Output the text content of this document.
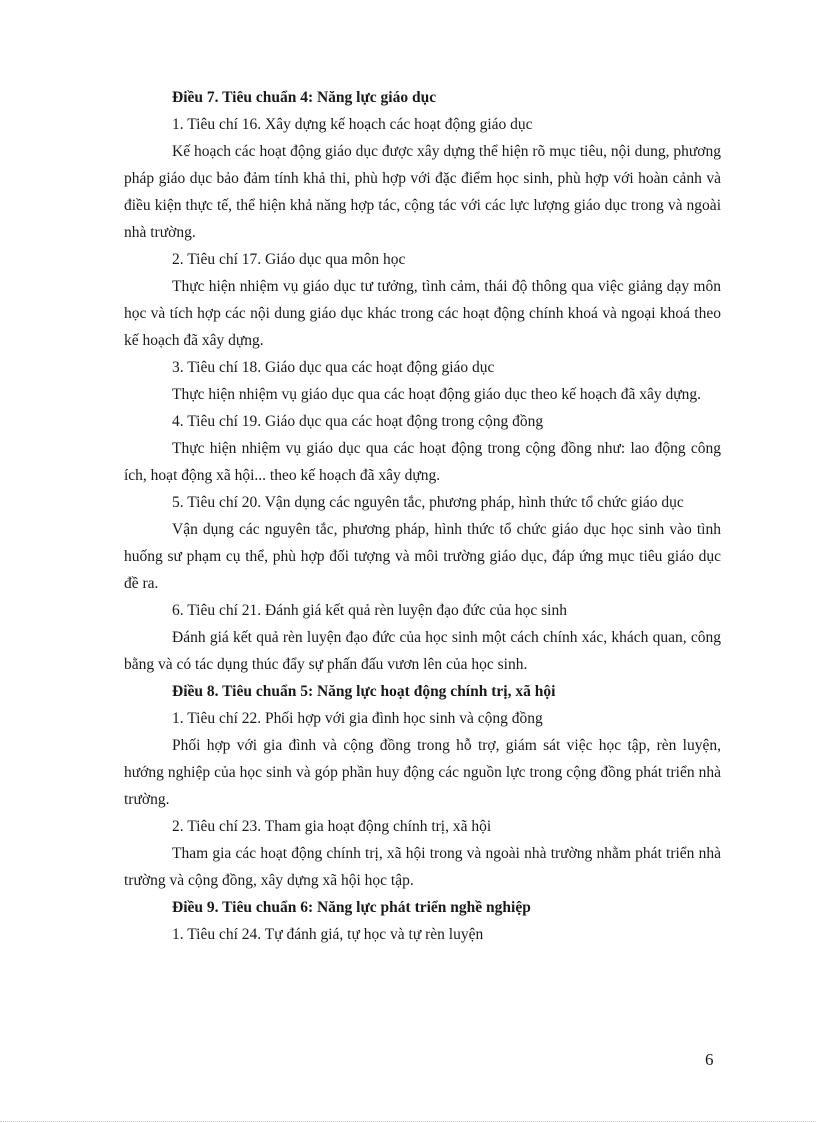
Điều 7. Tiêu chuẩn 4: Năng lực giáo dục

1. Tiêu chí 16. Xây dựng kế hoạch các hoạt động giáo dục

Kế hoạch các hoạt động giáo dục được xây dựng thể hiện rõ mục tiêu, nội dung, phương pháp giáo dục bảo đảm tính khả thi, phù hợp với đặc điểm học sinh, phù hợp với hoàn cảnh và điều kiện thực tế, thể hiện khả năng hợp tác, cộng tác với các lực lượng giáo dục trong và ngoài nhà trường.

2. Tiêu chí 17. Giáo dục qua môn học

Thực hiện nhiệm vụ giáo dục tư tưởng, tình cảm, thái độ thông qua việc giảng dạy môn học và tích hợp các nội dung giáo dục khác trong các hoạt động chính khoá và ngoại khoá theo kế hoạch đã xây dựng.

3. Tiêu chí 18. Giáo dục qua các hoạt động giáo dục

Thực hiện nhiệm vụ giáo dục qua các hoạt động giáo dục theo kế hoạch đã xây dựng.

4. Tiêu chí 19. Giáo dục qua các hoạt động trong cộng đồng

Thực hiện nhiệm vụ giáo dục qua các hoạt động trong cộng đồng như: lao động công ích, hoạt động xã hội... theo kế hoạch đã xây dựng.

5. Tiêu chí 20. Vận dụng các nguyên tắc, phương pháp, hình thức tổ chức giáo dục

Vận dụng các nguyên tắc, phương pháp, hình thức tổ chức giáo dục học sinh vào tình huống sư phạm cụ thể, phù hợp đối tượng và môi trường giáo dục, đáp ứng mục tiêu giáo dục đề ra.

6. Tiêu chí 21. Đánh giá kết quả rèn luyện đạo đức của học sinh

Đánh giá kết quả rèn luyện đạo đức của học sinh một cách chính xác, khách quan, công bằng và có tác dụng thúc đẩy sự phấn đấu vươn lên của học sinh.

Điều 8. Tiêu chuẩn 5: Năng lực hoạt động chính trị, xã hội

1. Tiêu chí 22. Phối hợp với gia đình học sinh và cộng đồng

Phối hợp với gia đình và cộng đồng trong hỗ trợ, giám sát việc học tập, rèn luyện, hướng nghiệp của học sinh và góp phần huy động các nguồn lực trong cộng đồng phát triển nhà trường.

2. Tiêu chí 23. Tham gia hoạt động chính trị, xã hội

Tham gia các hoạt động chính trị, xã hội trong và ngoài nhà trường nhằm phát triển nhà trường và cộng đồng, xây dựng xã hội học tập.

Điều 9. Tiêu chuẩn 6: Năng lực phát triển nghề nghiệp

1. Tiêu chí 24. Tự đánh giá, tự học và tự rèn luyện

6
